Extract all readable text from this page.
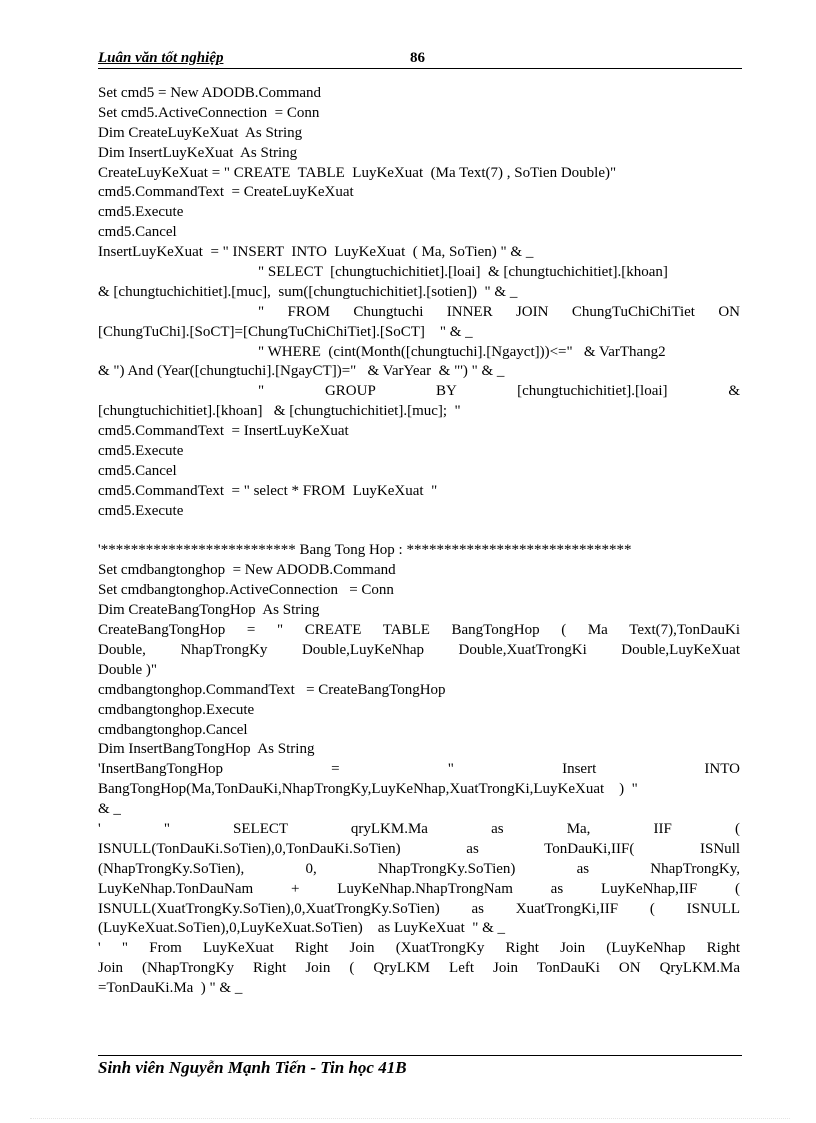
Luân văn tốt nghiệp	86
Set cmd5 = New ADODB.Command
Set cmd5.ActiveConnection  = Conn
Dim CreateLuyKeXuat  As String
Dim InsertLuyKeXuat  As String
CreateLuyKeXuat = " CREATE  TABLE  LuyKeXuat  (Ma Text(7) , SoTien Double)"
cmd5.CommandText  = CreateLuyKeXuat
cmd5.Execute
cmd5.Cancel
InsertLuyKeXuat  = " INSERT  INTO  LuyKeXuat  ( Ma, SoTien) " & _
" SELECT  [chungtuchichitiet].[loai]  & [chungtuchichitiet].[khoan]
& [chungtuchichitiet].[muc],  sum([chungtuchichitiet].[sotien])  " & _
" FROM Chungtuchi INNER JOIN ChungTuChiChiTiet ON
[ChungTuChi].[SoCT]=[ChungTuChiChiTiet].[SoCT]    " & _
" WHERE  (cint(Month([chungtuchi].[Ngayct]))<="   & VarThang2
& ") And (Year([chungtuchi].[NgayCT])="   & VarYear  & "') " & _
" GROUP BY [chungtuchichitiet].[loai] &
[chungtuchichitiet].[khoan]   & [chungtuchichitiet].[muc];  "
cmd5.CommandText  = InsertLuyKeXuat
cmd5.Execute
cmd5.Cancel
cmd5.CommandText  = " select * FROM  LuyKeXuat  "
cmd5.Execute
'************************** Bang Tong Hop : ******************************
Set cmdbangtonghop  = New ADODB.Command
Set cmdbangtonghop.ActiveConnection   = Conn
Dim CreateBangTongHop  As String
CreateBangTongHop = " CREATE TABLE BangTongHop ( Ma Text(7),TonDauKi
Double, NhapTrongKy Double,LuyKeNhap Double,XuatTrongKi Double,LuyKeXuat
Double )"
cmdbangtonghop.CommandText   = CreateBangTongHop
cmdbangtonghop.Execute
cmdbangtonghop.Cancel
Dim InsertBangTongHop  As String
'InsertBangTongHop = " Insert INTO
BangTongHop(Ma,TonDauKi,NhapTrongKy,LuyKeNhap,XuatTrongKi,LuyKeXuat    )  "
& _
' " SELECT qryLKM.Ma as Ma, IIF (
ISNULL(TonDauKi.SoTien),0,TonDauKi.SoTien) as TonDauKi,IIF( ISNull
(NhapTrongKy.SoTien), 0, NhapTrongKy.SoTien) as NhapTrongKy,
LuyKeNhap.TonDauNam + LuyKeNhap.NhapTrongNam as LuyKeNhap,IIF (
ISNULL(XuatTrongKy.SoTien),0,XuatTrongKy.SoTien) as XuatTrongKi,IIF ( ISNULL
(LuyKeXuat.SoTien),0,LuyKeXuat.SoTien)    as LuyKeXuat  " & _
' " From LuyKeXuat Right Join (XuatTrongKy Right Join (LuyKeNhap Right
Join (NhapTrongKy Right Join ( QryLKM Left Join TonDauKi ON QryLKM.Ma
=TonDauKi.Ma  ) " & _
Sinh viên Nguyễn Mạnh Tiến - Tin học 41B
